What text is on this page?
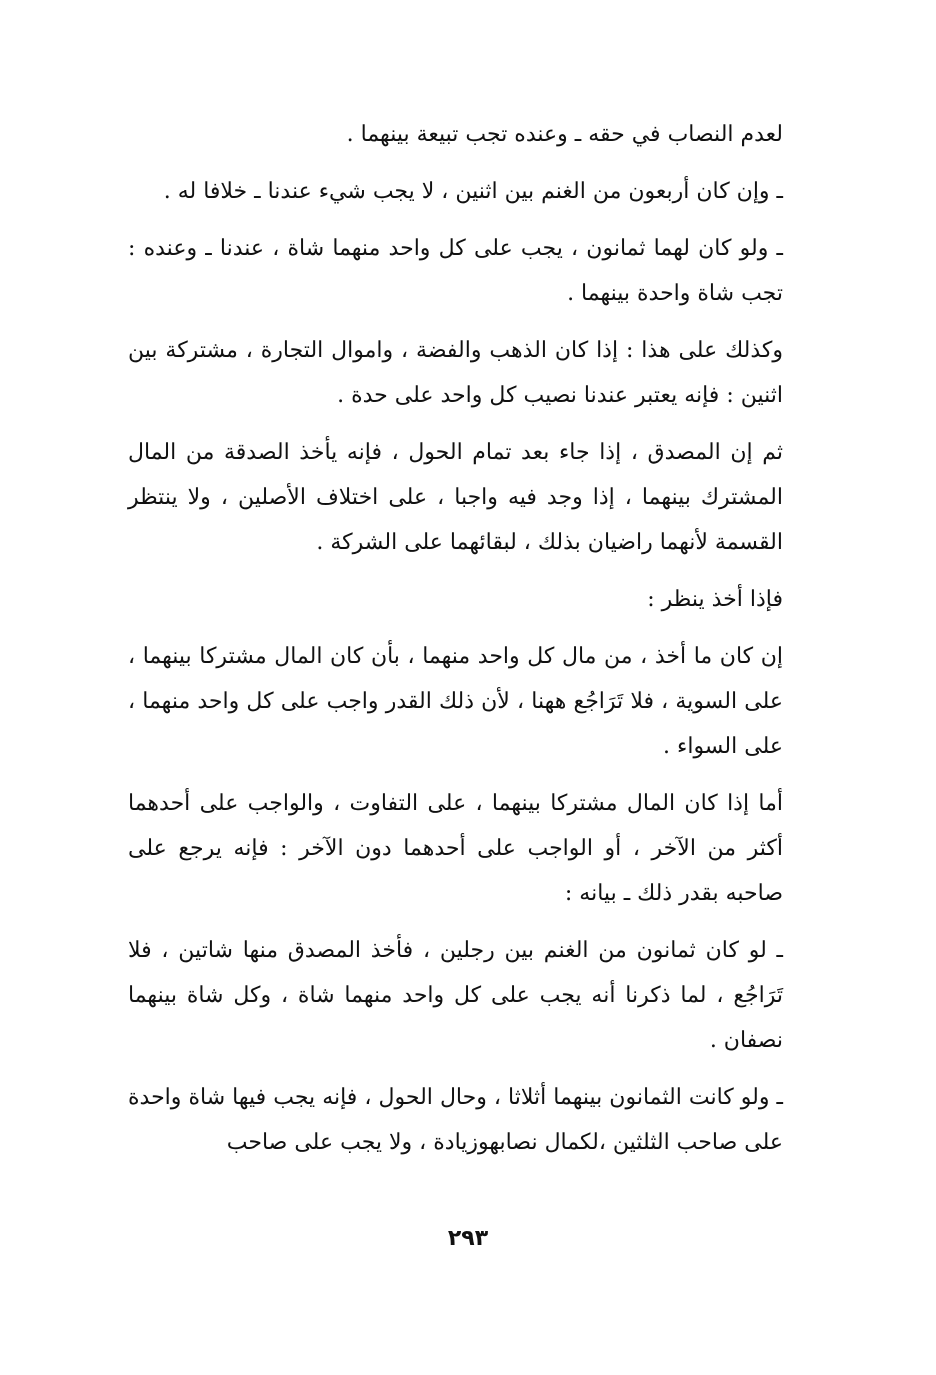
لعدم النصاب في حقه ـ وعنده تجب تبيعة بينهما .

ـ وإن كان أربعون من الغنم بين اثنين ، لا يجب شيء عندنا ـ خلافا له .

ـ ولو كان لهما ثمانون ، يجب على كل واحد منهما شاة ، عندنا ـ وعنده : تجب شاة واحدة بينهما .

وكذلك على هذا : إذا كان الذهب والفضة ، واموال التجارة ، مشتركة بين اثنين : فإنه يعتبر عندنا نصيب كل واحد على حدة .

ثم إن المصدق ، إذا جاء بعد تمام الحول ، فإنه يأخذ الصدقة من المال المشترك بينهما ، إذا وجد فيه واجبا ، على اختلاف الأصلين ، ولا ينتظر القسمة لأنهما راضيان بذلك ، لبقائهما على الشركة .

فإذا أخذ ينظر :

إن كان ما أخذ ، من مال كل واحد منهما ، بأن كان المال مشتركا بينهما ، على السوية ، فلا تَرَاجُع ههنا ، لأن ذلك القدر واجب على كل واحد منهما ، على السواء .

أما إذا كان المال مشتركا بينهما ، على التفاوت ، والواجب على أحدهما أكثر من الآخر ، أو الواجب على أحدهما دون الآخر : فإنه يرجع على صاحبه بقدر ذلك ـ بيانه :

ـ لو كان ثمانون من الغنم بين رجلين ، فأخذ المصدق منها شاتين ، فلا تَرَاجُع ، لما ذكرنا أنه يجب على كل واحد منهما شاة ، وكل شاة بينهما نصفان .

ـ ولو كانت الثمانون بينهما أثلاثا ، وحال الحول ، فإنه يجب فيها شاة واحدة على صاحب الثلثين ،لكمال نصابهوزيادة ، ولا يجب على صاحب

٢٩٣
